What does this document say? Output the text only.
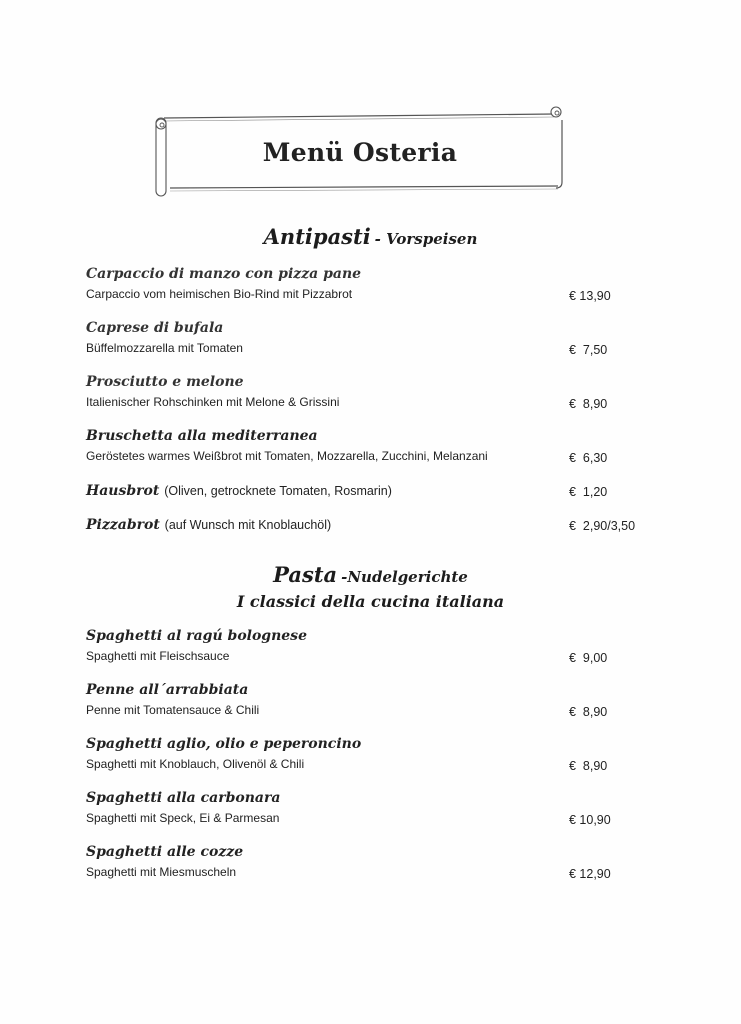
Menü Osteria
Antipasti - Vorspeisen
Carpaccio di manzo con pizza pane
Carpaccio vom heimischen Bio-Rind mit Pizzabrot	€ 13,90
Caprese di bufala
Büffelmozzarella mit Tomaten	€  7,50
Prosciutto e melone
Italienischer Rohschinken mit Melone & Grissini	€  8,90
Bruschetta alla mediterranea
Geröstetes warmes Weißbrot mit Tomaten, Mozzarella, Zucchini, Melanzani	€  6,30
Hausbrot (Oliven, getrocknete Tomaten, Rosmarin)	€  1,20
Pizzabrot (auf Wunsch mit Knoblauchöl)	€  2,90/3,50
Pasta -Nudelgerichte
I classici della cucina italiana
Spaghetti al ragú bolognese
Spaghetti mit Fleischsauce	€  9,00
Penne all´arrabbiata
Penne mit Tomatensauce & Chili	€  8,90
Spaghetti aglio, olio e peperoncino
Spaghetti mit Knoblauch, Olivenöl & Chili	€  8,90
Spaghetti alla carbonara
Spaghetti mit Speck, Ei & Parmesan	€ 10,90
Spaghetti alle cozze
Spaghetti mit Miesmuscheln	€ 12,90
